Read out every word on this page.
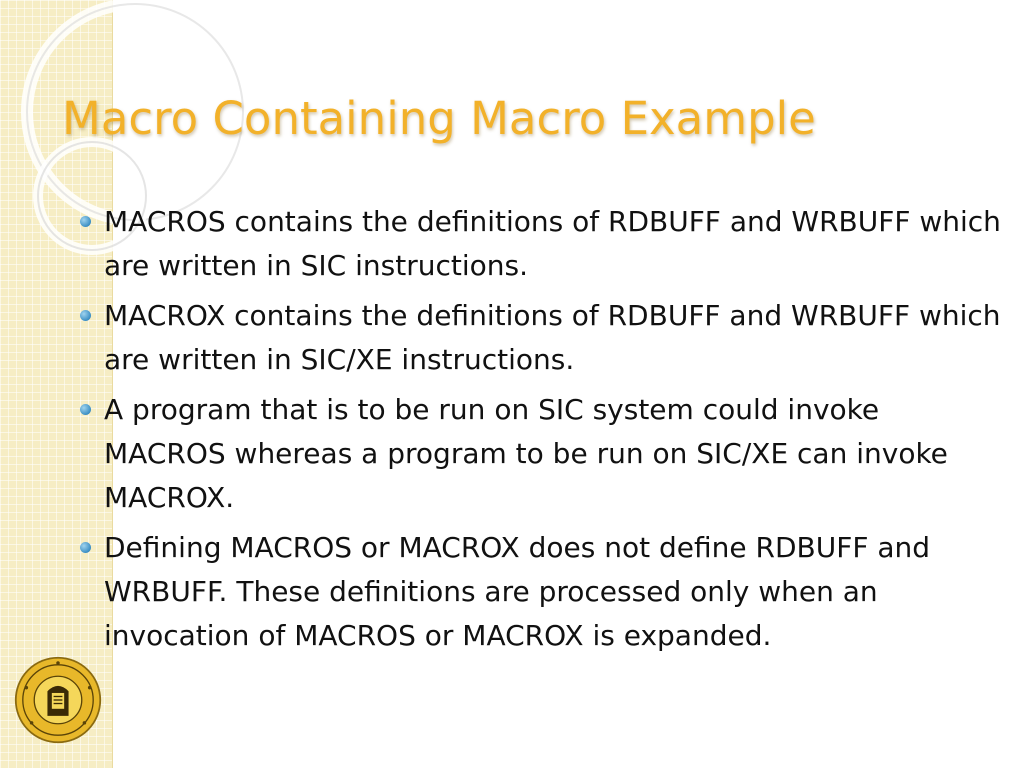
Macro Containing Macro Example
MACROS contains the definitions of RDBUFF and WRBUFF which are written in SIC instructions.
MACROX contains the definitions of RDBUFF and WRBUFF which are written in SIC/XE instructions.
A program that is to be run on SIC system could invoke MACROS whereas a program to be run on SIC/XE can invoke MACROX.
Defining MACROS or MACROX does not define RDBUFF and WRBUFF. These definitions are processed only when an invocation of MACROS or MACROX is expanded.
